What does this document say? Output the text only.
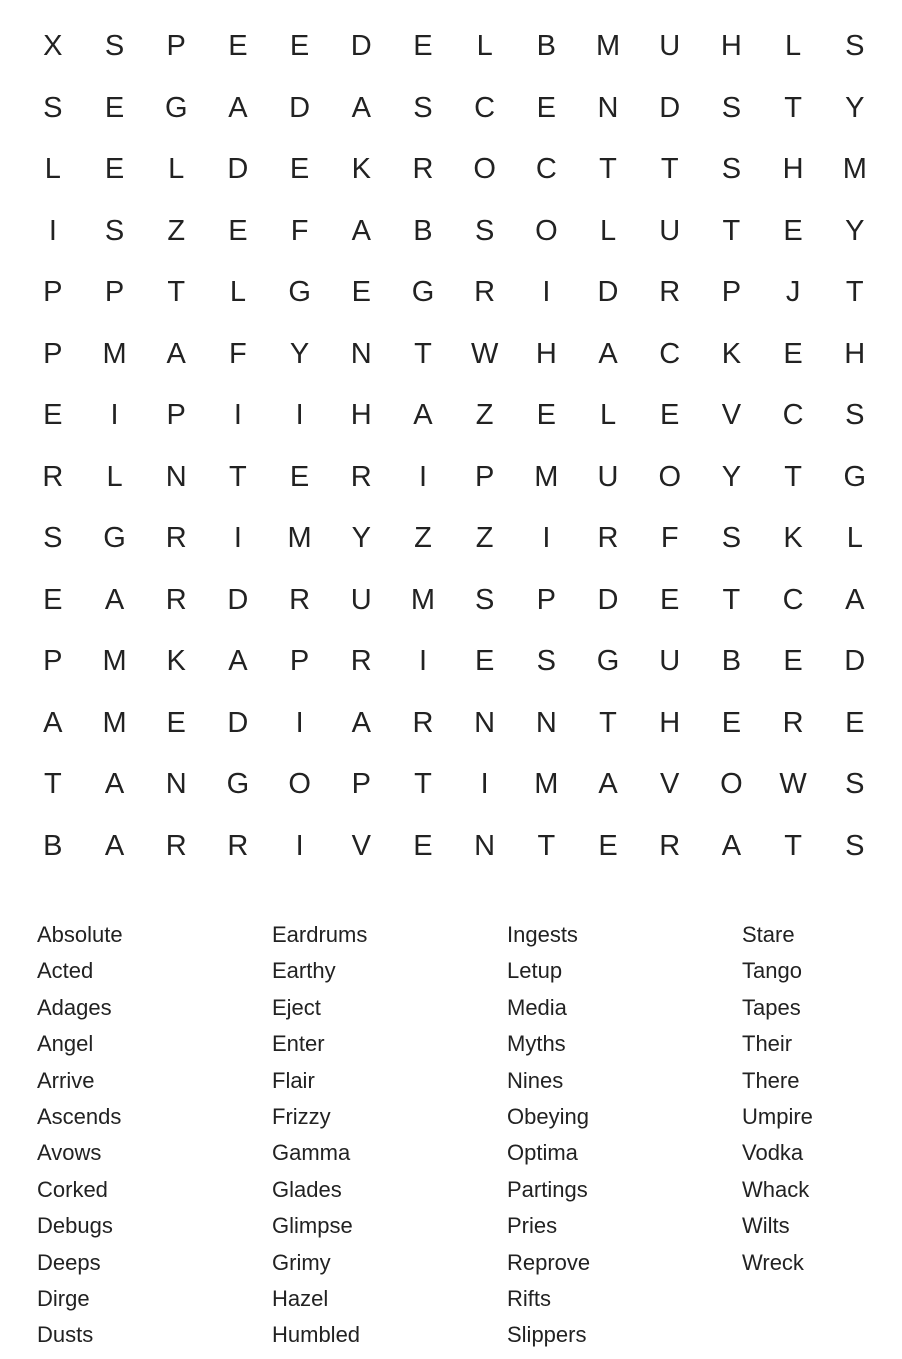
X	S	P	E	E	D	E	L	B	M	U	H	L	S
S	E	G	A	D	A	S	C	E	N	D	S	T	Y
L	E	L	D	E	K	R	O	C	T	T	S	H	M
I	S	Z	E	F	A	B	S	O	L	U	T	E	Y
P	P	T	L	G	E	G	R	I	D	R	P	J	T
P	M	A	F	Y	N	T	W	H	A	C	K	E	H
E	I	P	I	I	H	A	Z	E	L	E	V	C	S
R	L	N	T	E	R	I	P	M	U	O	Y	T	G
S	G	R	I	M	Y	Z	Z	I	R	F	S	K	L
E	A	R	D	R	U	M	S	P	D	E	T	C	A
P	M	K	A	P	R	I	E	S	G	U	B	E	D
A	M	E	D	I	A	R	N	N	T	H	E	R	E
T	A	N	G	O	P	T	I	M	A	V	O	W	S
B	A	R	R	I	V	E	N	T	E	R	A	T	S
Absolute
Acted
Adages
Angel
Arrive
Ascends
Avows
Corked
Debugs
Deeps
Dirge
Dusts
Eardrums
Earthy
Eject
Enter
Flair
Frizzy
Gamma
Glades
Glimpse
Grimy
Hazel
Humbled
Ingests
Letup
Media
Myths
Nines
Obeying
Optima
Partings
Pries
Reprove
Rifts
Slippers
Stare
Tango
Tapes
Their
There
Umpire
Vodka
Whack
Wilts
Wreck
